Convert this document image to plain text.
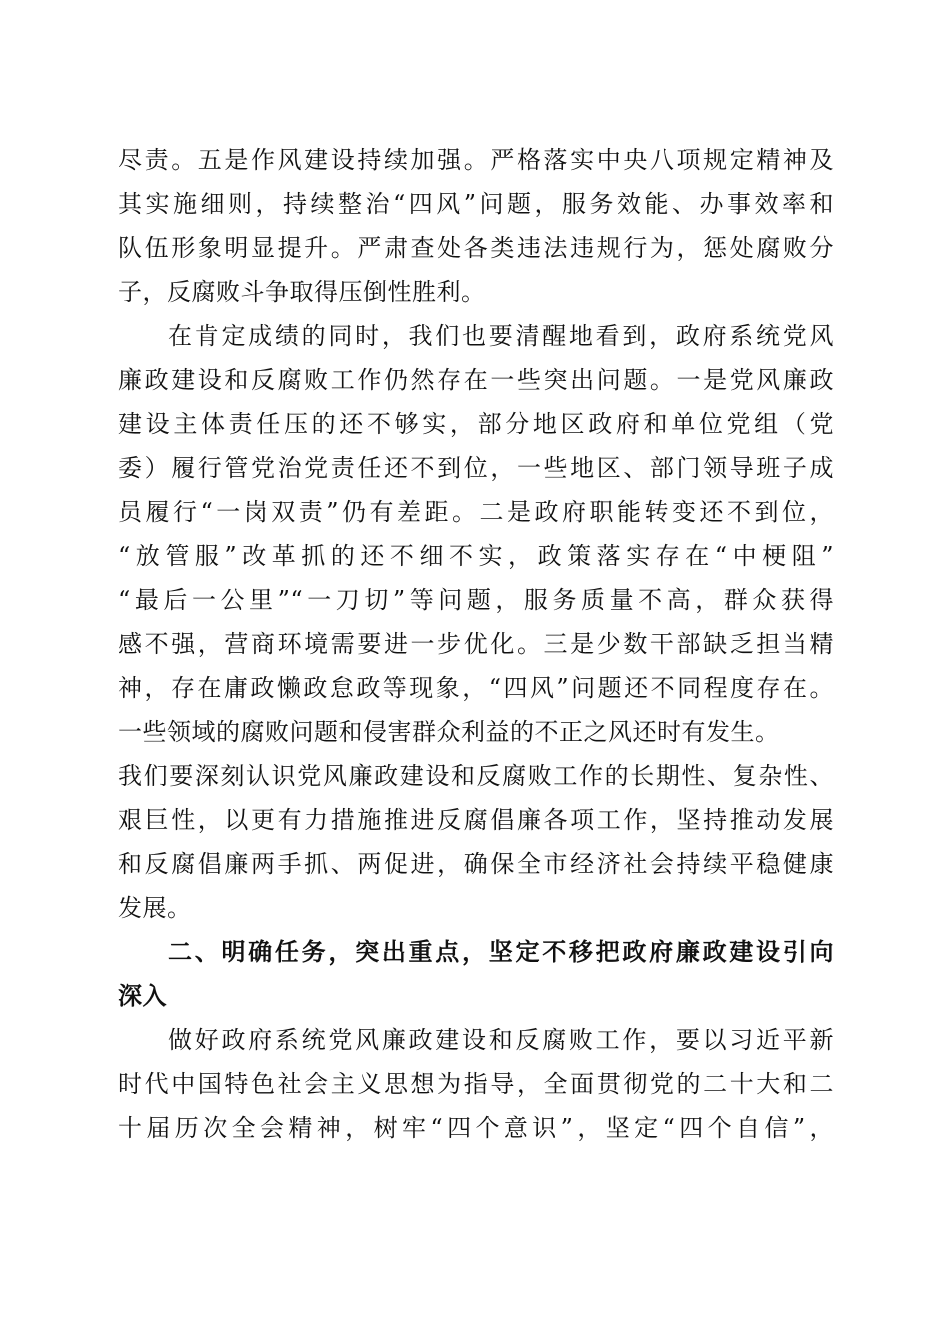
尽责。五是作风建设持续加强。严格落实中央八项规定精神及
其实施细则，持续整治“四风”问题，服务效能、办事效率和
队伍形象明显提升。严肃查处各类违法违规行为，惩处腐败分
子，反腐败斗争取得压倒性胜利。
在肯定成绩的同时，我们也要清醒地看到，政府系统党风
廉政建设和反腐败工作仍然存在一些突出问题。一是党风廉政
建设主体责任压的还不够实，部分地区政府和单位党组（党
委）履行管党治党责任还不到位，一些地区、部门领导班子成
员履行“一岗双责”仍有差距。二是政府职能转变还不到位，
“放管服”改革抓的还不细不实，政策落实存在“中梗阻”
“最后一公里”“一刀切”等问题，服务质量不高，群众获得
感不强，营商环境需要进一步优化。三是少数干部缺乏担当精
神，存在庸政懒政怠政等现象，“四风”问题还不同程度存在。
一些领域的腐败问题和侵害群众利益的不正之风还时有发生。
我们要深刻认识党风廉政建设和反腐败工作的长期性、复杂性、
艰巨性，以更有力措施推进反腐倡廉各项工作，坚持推动发展
和反腐倡廉两手抓、两促进，确保全市经济社会持续平稳健康
发展。
二、明确任务，突出重点，坚定不移把政府廉政建设引向
深入
做好政府系统党风廉政建设和反腐败工作，要以习近平新
时代中国特色社会主义思想为指导，全面贯彻党的二十大和二
十届历次全会精神，树牢“四个意识”，坚定“四个自信”，
